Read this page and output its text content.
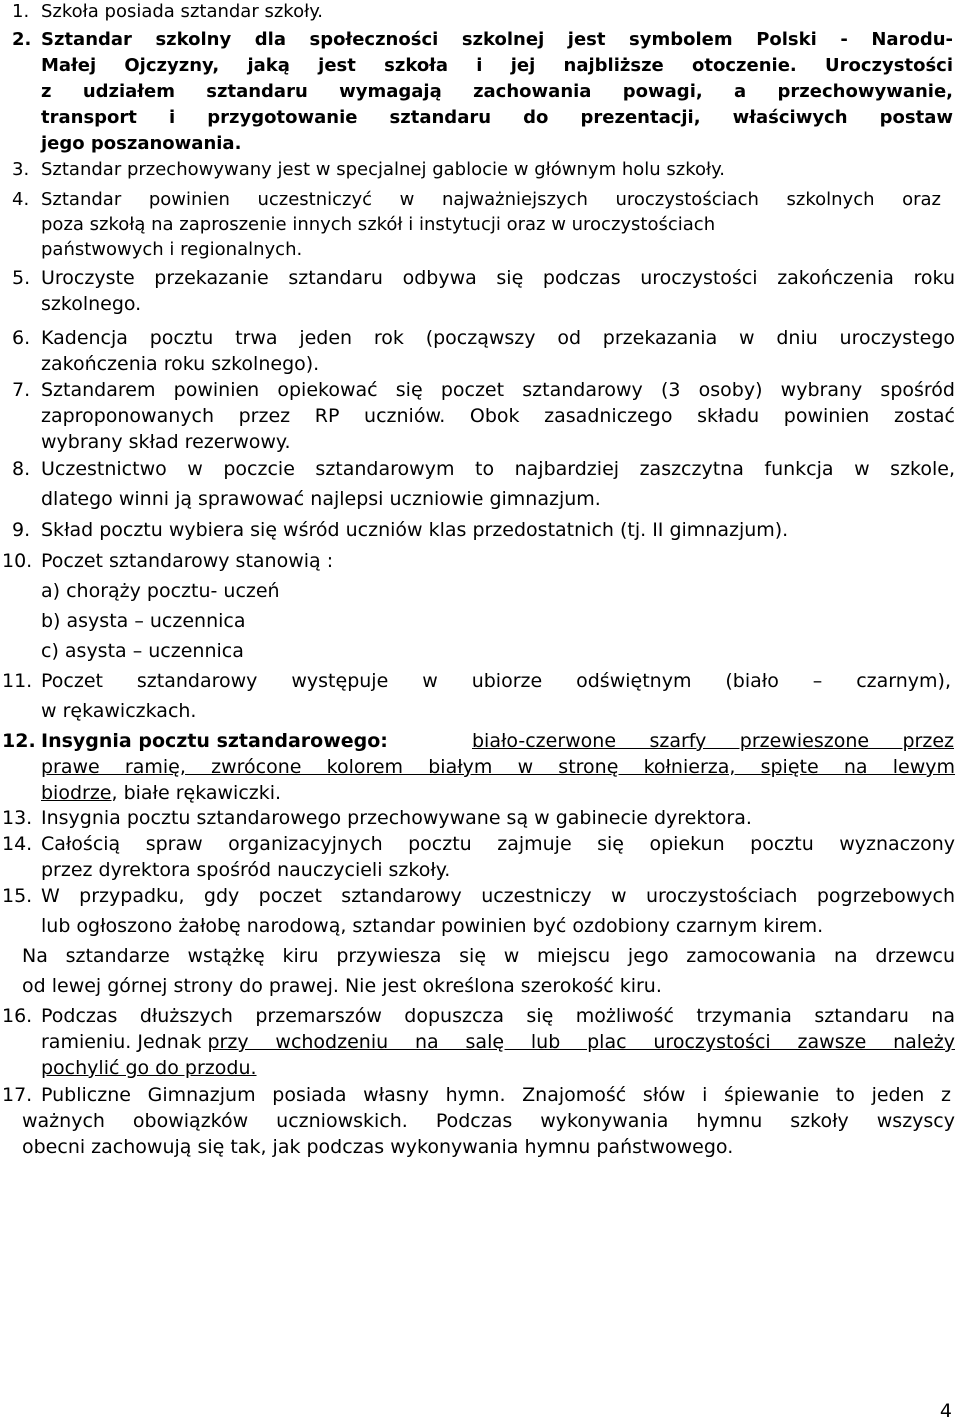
1. Szkoła posiada sztandar szkoły.
2. Sztandar szkolny dla społeczności szkolnej jest symbolem Polski - Narodu-
Małej Ojczyzny, jaką jest szkoła i jej najbliższe otoczenie. Uroczystości
z udziałem sztandaru wymagają zachowania powagi, a przechowywanie,
transport i przygotowanie sztandaru do prezentacji, właściwych postaw
jego poszanowania.
3. Sztandar przechowywany jest w specjalnej gablocie w głównym holu szkoły.
4. Sztandar powinien uczestniczyć w najważniejszych uroczystościach szkolnych oraz
poza szkołą na zaproszenie innych szkół i instytucji oraz w uroczystościach
państwowych i regionalnych.
5. Uroczyste przekazanie sztandaru odbywa się podczas uroczystości zakończenia roku
szkolnego.
6. Kadencja pocztu trwa jeden rok (począwszy od przekazania w dniu uroczystego
zakończenia roku szkolnego).
7. Sztandarem powinien opiekować się poczet sztandarowy (3 osoby) wybrany spośród
zaproponowanych przez RP uczniów. Obok zasadniczego składu powinien zostać
wybrany skład rezerwowy.
8. Uczestnictwo w poczcie sztandarowym to najbardziej zaszczytna funkcja w szkole,
dlatego winni ją sprawować najlepsi uczniowie gimnazjum.
9. Skład pocztu wybiera się wśród uczniów klas przedostatnich (tj. II gimnazjum).
10. Poczet sztandarowy stanowią :
a) chorąży pocztu- uczeń
b) asysta – uczennica
c) asysta – uczennica
11. Poczet sztandarowy występuje w ubiorze odświętnym (biało – czarnym),
w rękawiczkach.
12. Insygnia pocztu sztandarowego:	biało-czerwone szarfy przewieszone przez
prawe ramię, zwrócone kolorem białym w stronę kołnierza, spięte na lewym
biodrze, białe rękawiczki.
13. Insygnia pocztu sztandarowego przechowywane są w gabinecie dyrektora.
14. Całością spraw organizacyjnych pocztu zajmuje się opiekun pocztu wyznaczony
przez dyrektora spośród nauczycieli szkoły.
15. W przypadku, gdy poczet sztandarowy uczestniczy w uroczystościach pogrzebowych
lub ogłoszono żałobę narodową, sztandar powinien być ozdobiony czarnym kirem.
Na sztandarze wstążkę kiru przywiesza się w miejscu jego zamocowania na drzewcu
od lewej górnej strony do prawej. Nie jest określona szerokość kiru.
16. Podczas dłuższych przemarszów dopuszcza się możliwość trzymania sztandaru na
ramieniu. Jednak przy wchodzeniu na salę lub plac uroczystości zawsze należy
pochylić go do przodu.
17. Publiczne Gimnazjum posiada własny hymn. Znajomość słów i śpiewanie to jeden z
ważnych obowiązków uczniowskich. Podczas wykonywania hymnu szkoły wszyscy
obecni zachowują się tak, jak podczas wykonywania hymnu państwowego.
4
